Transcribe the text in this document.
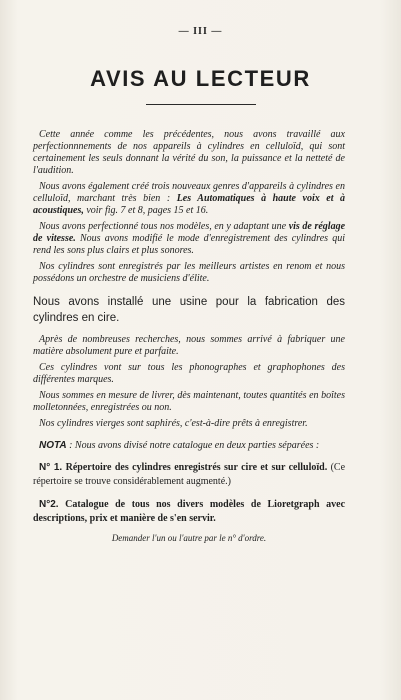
— III —
AVIS AU LECTEUR

Cette année comme les précédentes, nous avons travaillé aux perfectionnnements de nos appareils à cylindres en celluloïd, qui sont certainement les seuls donnant la vérité du son, la puissance et la netteté de l'audition.

Nous avons également créé trois nouveaux genres d'appareils à cylindres en celluloïd, marchant très bien : Les Automatiques à haute voix et à acoustiques, voir fig. 7 et 8, pages 15 et 16.

Nous avons perfectionné tous nos modèles, en y adaptant une vis de réglage de vitesse. Nous avons modifié le mode d'enregistrement des cylindres qui rend les sons plus clairs et plus sonores.

Nos cylindres sont enregistrés par les meilleurs artistes en renom et nous possédons un orchestre de musiciens d'élite.

Nous avons installé une usine pour la fabrication des cylindres en cire.

Après de nombreuses recherches, nous sommes arrivé à fabriquer une matière absolument pure et parfaite.

Ces cylindres vont sur tous les phonographes et graphophones des différentes marques.

Nous sommes en mesure de livrer, dès maintenant, toutes quantités en boîtes molletonnées, enregistrées ou non.

Nos cylindres vierges sont saphirés, c'est-à-dire prêts à enregistrer.

NOTA : Nous avons divisé notre catalogue en deux parties séparées :

N° 1. Répertoire des cylindres enregistrés sur cire et sur celluloïd. (Ce répertoire se trouve considérablement augmenté.)

N°2. Catalogue de tous nos divers modèles de Lioretgraph avec descriptions, prix et manière de s'en servir.

Demander l'un ou l'autre par le n° d'ordre.
